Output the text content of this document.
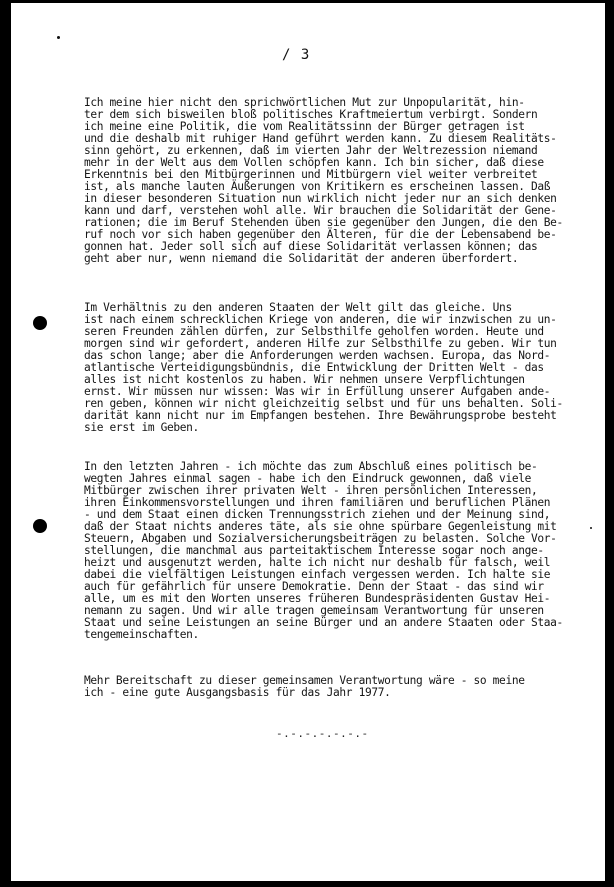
/ 3
Ich meine hier nicht den sprichwörtlichen Mut zur Unpopularität, hin-
ter dem sich bisweilen bloß politisches Kraftmeiertum verbirgt. Sondern
ich meine eine Politik, die vom Realitätssinn der Bürger getragen ist
und die deshalb mit ruhiger Hand geführt werden kann. Zu diesem Realitäts-
sinn gehört, zu erkennen, daß im vierten Jahr der Weltrezession niemand
mehr in der Welt aus dem Vollen schöpfen kann. Ich bin sicher, daß diese
Erkenntnis bei den Mitbürgerinnen und Mitbürgern viel weiter verbreitet
ist, als manche lauten Äußerungen von Kritikern es erscheinen lassen. Daß
in dieser besonderen Situation nun wirklich nicht jeder nur an sich denken
kann und darf, verstehen wohl alle. Wir brauchen die Solidarität der Gene-
rationen; die im Beruf Stehenden üben sie gegenüber den Jungen, die den Be-
ruf noch vor sich haben gegenüber den Älteren, für die der Lebensabend be-
gonnen hat. Jeder soll sich auf diese Solidarität verlassen können; das
geht aber nur, wenn niemand die Solidarität der anderen überfordert.
Im Verhältnis zu den anderen Staaten der Welt gilt das gleiche. Uns
ist nach einem schrecklichen Kriege von anderen, die wir inzwischen zu un-
seren Freunden zählen dürfen, zur Selbsthilfe geholfen worden. Heute und
morgen sind wir gefordert, anderen Hilfe zur Selbsthilfe zu geben. Wir tun
das schon lange; aber die Anforderungen werden wachsen. Europa, das Nord-
atlantische Verteidigungsbündnis, die Entwicklung der Dritten Welt - das
alles ist nicht kostenlos zu haben. Wir nehmen unsere Verpflichtungen
ernst. Wir müssen nur wissen: Was wir in Erfüllung unserer Aufgaben ande-
ren geben, können wir nicht gleichzeitig selbst und für uns behalten. Soli-
darität kann nicht nur im Empfangen bestehen. Ihre Bewährungsprobe besteht
sie erst im Geben.
In den letzten Jahren - ich möchte das zum Abschluß eines politisch be-
wegten Jahres einmal sagen - habe ich den Eindruck gewonnen, daß viele
Mitbürger zwischen ihrer privaten Welt - ihren persönlichen Interessen,
ihren Einkommensvorstellungen und ihren familiären und beruflichen Plänen
- und dem Staat einen dicken Trennungsstrich ziehen und der Meinung sind,
daß der Staat nichts anderes täte, als sie ohne spürbare Gegenleistung mit
Steuern, Abgaben und Sozialversicherungsbeiträgen zu belasten. Solche Vor-
stellungen, die manchmal aus parteitaktischem Interesse sogar noch ange-
heizt und ausgenutzt werden, halte ich nicht nur deshalb für falsch, weil
dabei die vielfältigen Leistungen einfach vergessen werden. Ich halte sie
auch für gefährlich für unsere Demokratie. Denn der Staat - das sind wir
alle, um es mit den Worten unseres früheren Bundespräsidenten Gustav Hei-
nemann zu sagen. Und wir alle tragen gemeinsam Verantwortung für unseren
Staat und seine Leistungen an seine Bürger und an andere Staaten oder Staa-
tengemeinschaften.
Mehr Bereitschaft zu dieser gemeinsamen Verantwortung wäre - so meine
ich - eine gute Ausgangsbasis für das Jahr 1977.
-.-.-.-.-.-.-
